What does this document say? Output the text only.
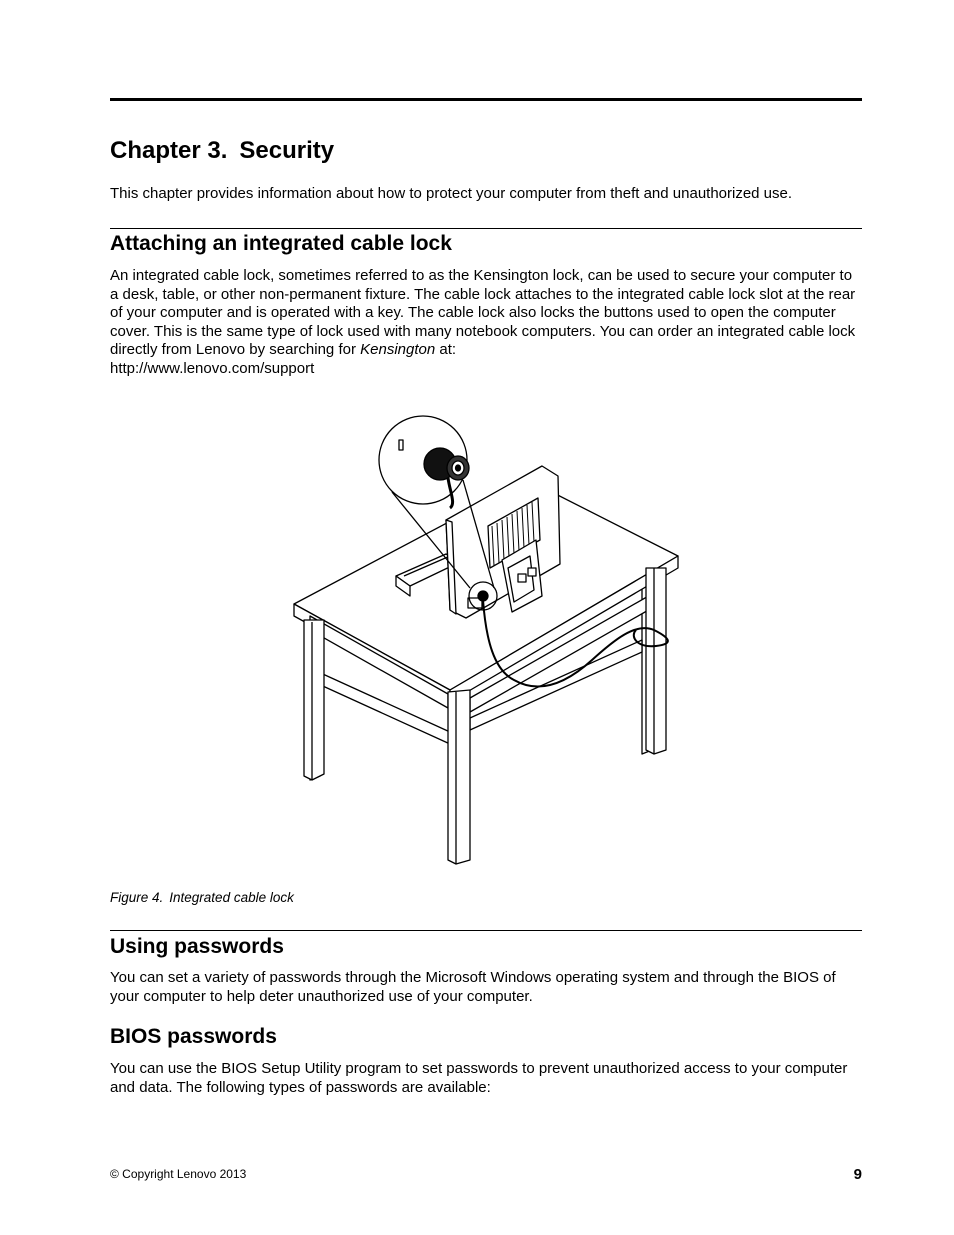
Chapter 3. Security

This chapter provides information about how to protect your computer from theft and unauthorized use.

Attaching an integrated cable lock

An integrated cable lock, sometimes referred to as the Kensington lock, can be used to secure your computer to a desk, table, or other non-permanent fixture. The cable lock attaches to the integrated cable lock slot at the rear of your computer and is operated with a key. The cable lock also locks the buttons used to open the computer cover. This is the same type of lock used with many notebook computers. You can order an integrated cable lock directly from Lenovo by searching for Kensington at:
http://www.lenovo.com/support

Figure 4. Integrated cable lock

Using passwords

You can set a variety of passwords through the Microsoft Windows operating system and through the BIOS of your computer to help deter unauthorized use of your computer.

BIOS passwords

You can use the BIOS Setup Utility program to set passwords to prevent unauthorized access to your computer and data. The following types of passwords are available:

© Copyright Lenovo 2013	9
